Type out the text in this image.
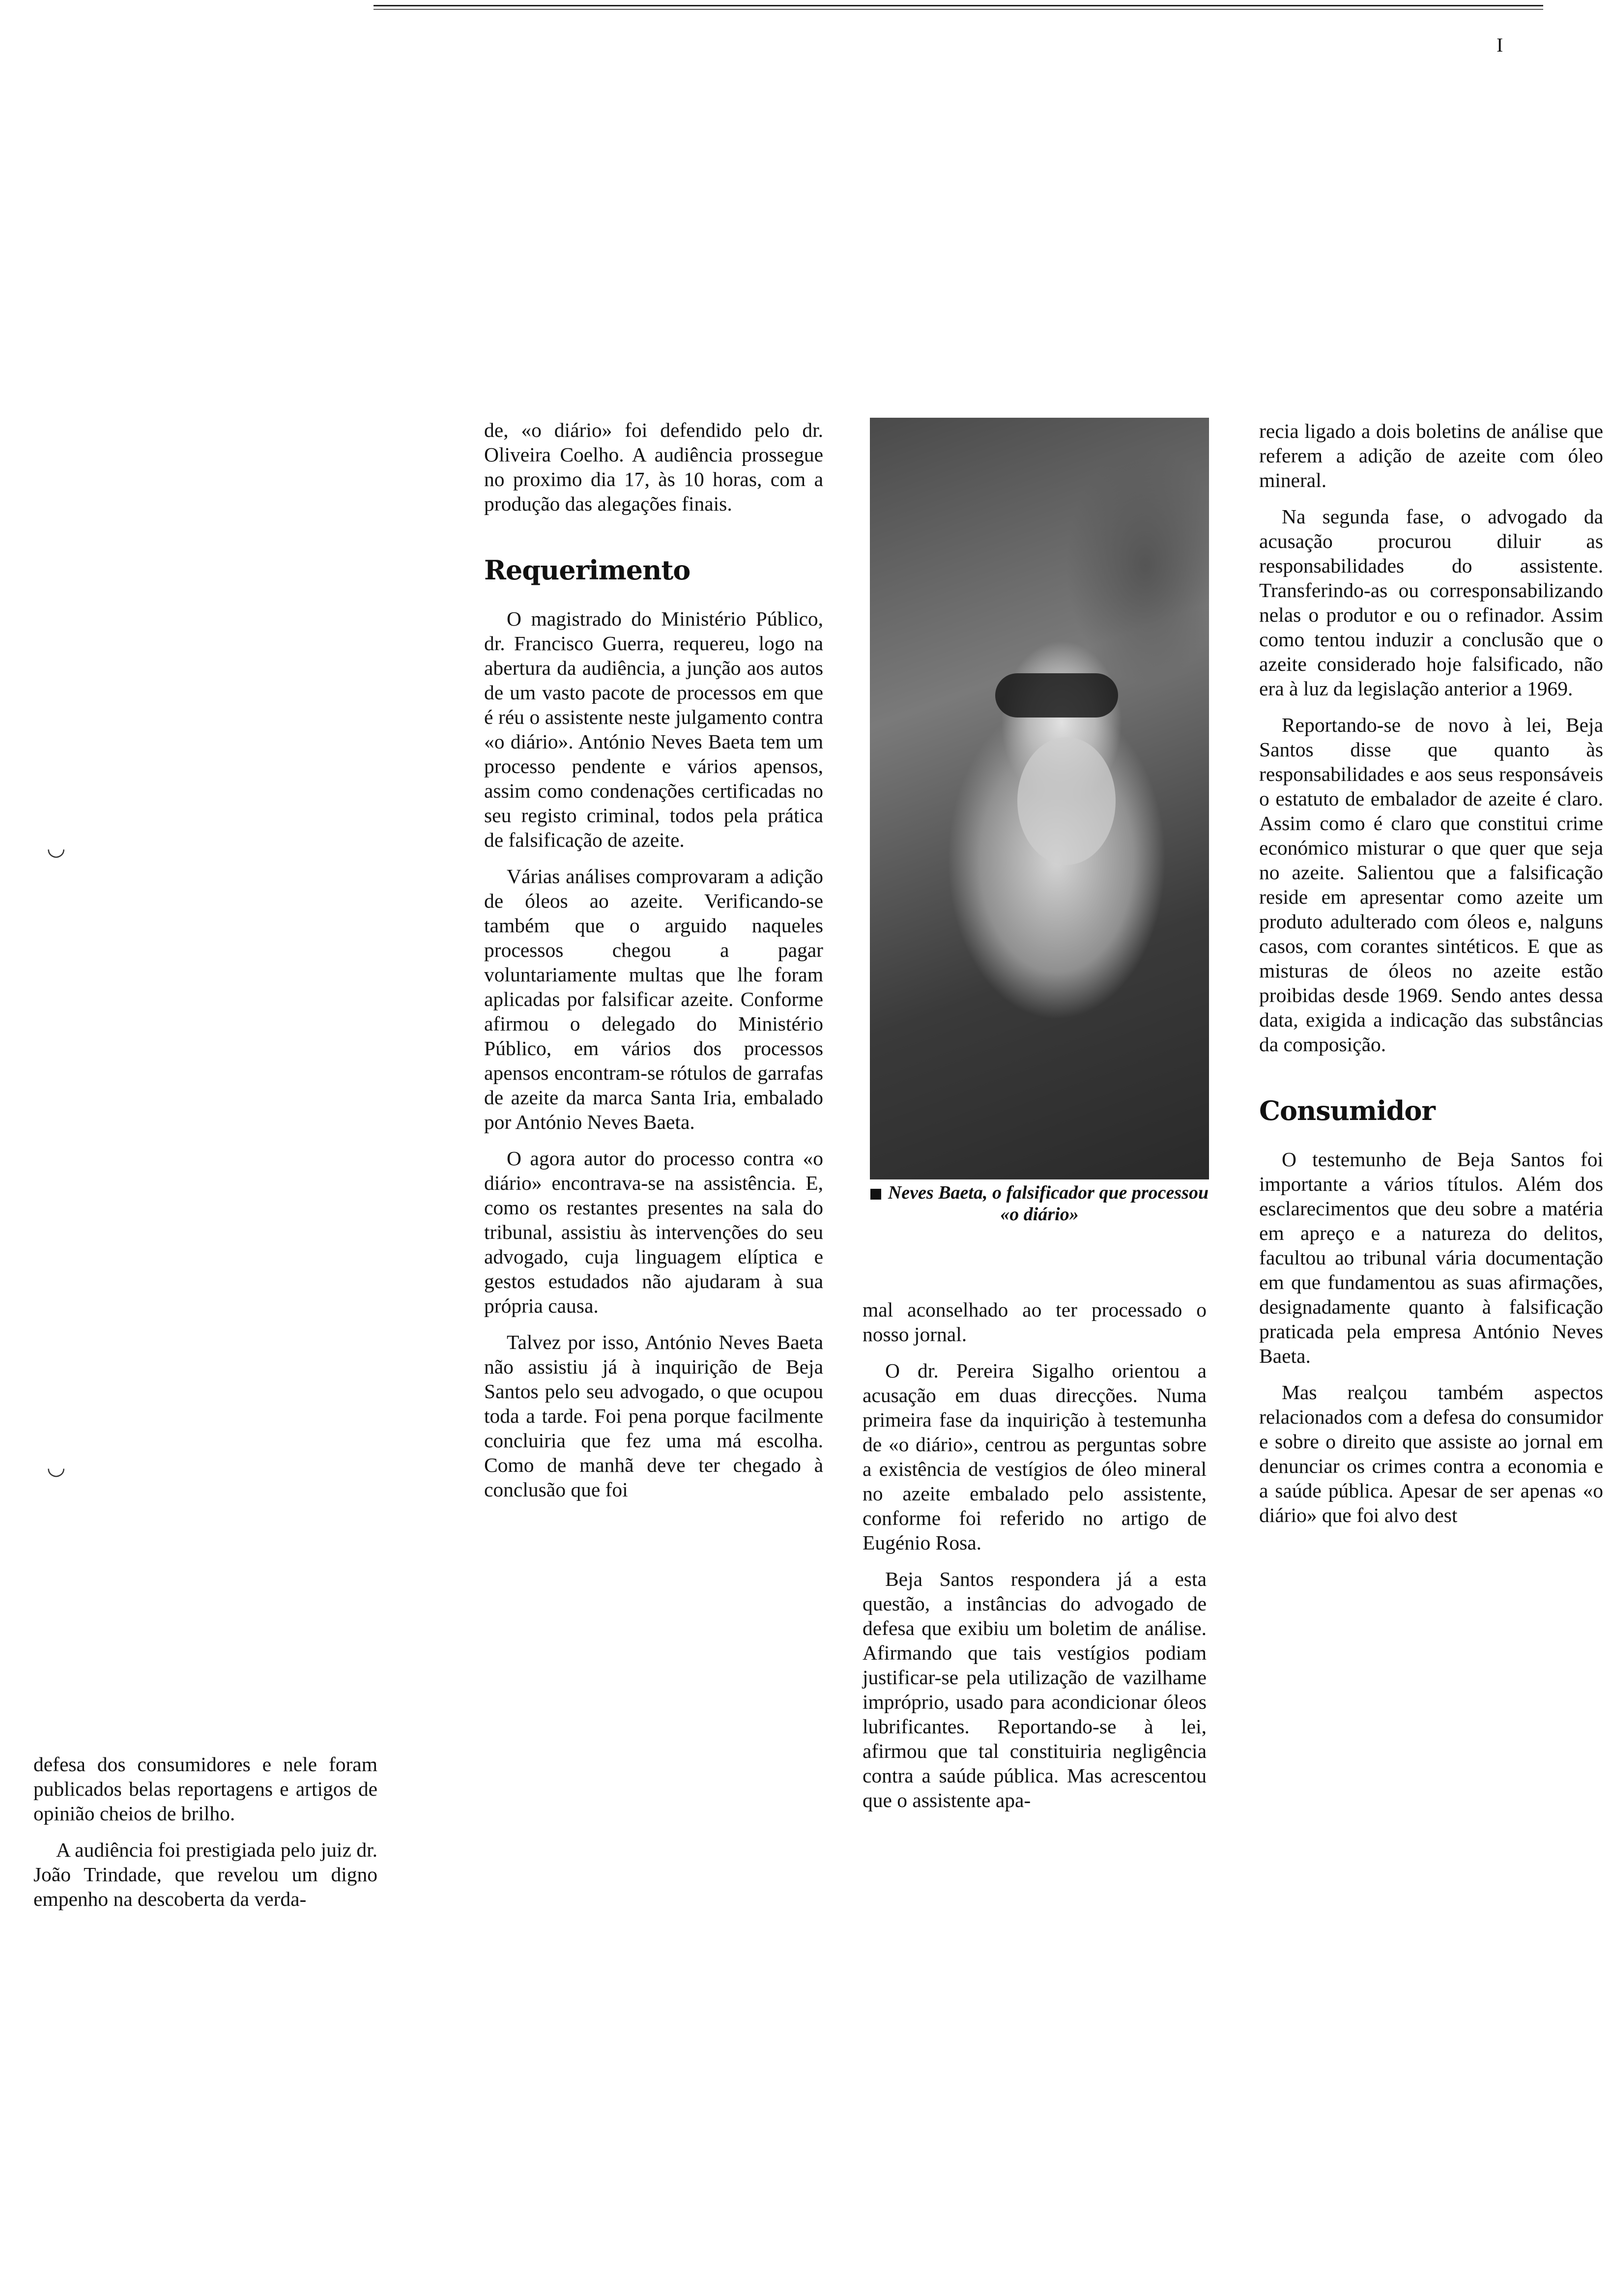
I
◡
◡

defesa dos consumidores e nele foram publicados belas reportagens e artigos de opinião cheios de brilho.

A audiência foi prestigiada pelo juiz dr. João Trindade, que revelou um digno empenho na descoberta da verda-

de, «o diário» foi defendido pelo dr. Oliveira Coelho. A audiência prossegue no proximo dia 17, às 10 horas, com a produção das alegações finais.

Requerimento

O magistrado do Ministério Público, dr. Francisco Guerra, requereu, logo na abertura da audiência, a junção aos autos de um vasto pacote de processos em que é réu o assistente neste julgamento contra «o diário». António Neves Baeta tem um processo pendente e vários apensos, assim como condenações certificadas no seu registo criminal, todos pela prática de falsificação de azeite.

Várias análises comprovaram a adição de óleos ao azeite. Verificando-se também que o arguido naqueles processos chegou a pagar voluntariamente multas que lhe foram aplicadas por falsificar azeite. Conforme afirmou o delegado do Ministério Público, em vários dos processos apensos encontram-se rótulos de garrafas de azeite da marca Santa Iria, embalado por António Neves Baeta.

O agora autor do processo contra «o diário» encontrava-se na assistência. E, como os restantes presentes na sala do tribunal, assistiu às intervenções do seu advogado, cuja linguagem elíptica e gestos estudados não ajudaram à sua própria causa.

Talvez por isso, António Neves Baeta não assistiu já à inquirição de Beja Santos pelo seu advogado, o que ocupou toda a tarde. Foi pena porque facilmente concluiria que fez uma má escolha. Como de manhã deve ter chegado à conclusão que foi

Neves Baeta, o falsificador que processou «o diário»

mal aconselhado ao ter processado o nosso jornal.

O dr. Pereira Sigalho orientou a acusação em duas direcções. Numa primeira fase da inquirição à testemunha de «o diário», centrou as perguntas sobre a existência de vestígios de óleo mineral no azeite embalado pelo assistente, conforme foi referido no artigo de Eugénio Rosa.

Beja Santos respondera já a esta questão, a instâncias do advogado de defesa que exibiu um boletim de análise. Afirmando que tais vestígios podiam justificar-se pela utilização de vazilhame impróprio, usado para acondicionar óleos lubrificantes. Reportando-se à lei, afirmou que tal constituiria negligência contra a saúde pública. Mas acrescentou que o assistente apa-

recia ligado a dois boletins de análise que referem a adição de azeite com óleo mineral.

Na segunda fase, o advogado da acusação procurou diluir as responsabilidades do assistente. Transferindo-as ou corresponsabilizando nelas o produtor e ou o refinador. Assim como tentou induzir a conclusão que o azeite considerado hoje falsificado, não era à luz da legislação anterior a 1969.

Reportando-se de novo à lei, Beja Santos disse que quanto às responsabilidades e aos seus responsáveis o estatuto de embalador de azeite é claro. Assim como é claro que constitui crime económico misturar o que quer que seja no azeite. Salientou que a falsificação reside em apresentar como azeite um produto adulterado com óleos e, nalguns casos, com corantes sintéticos. E que as misturas de óleos no azeite estão proibidas desde 1969. Sendo antes dessa data, exigida a indicação das substâncias da composição.

Consumidor

O testemunho de Beja Santos foi importante a vários títulos. Além dos esclarecimentos que deu sobre a matéria em apreço e a natureza do delitos, facultou ao tribunal vária documentação em que fundamentou as suas afirmações, designadamente quanto à falsificação praticada pela empresa António Neves Baeta.

Mas realçou também aspectos relacionados com a defesa do consumidor e sobre o direito que assiste ao jornal em denunciar os crimes contra a economia e a saúde pública. Apesar de ser apenas «o diário» que foi alvo dest
